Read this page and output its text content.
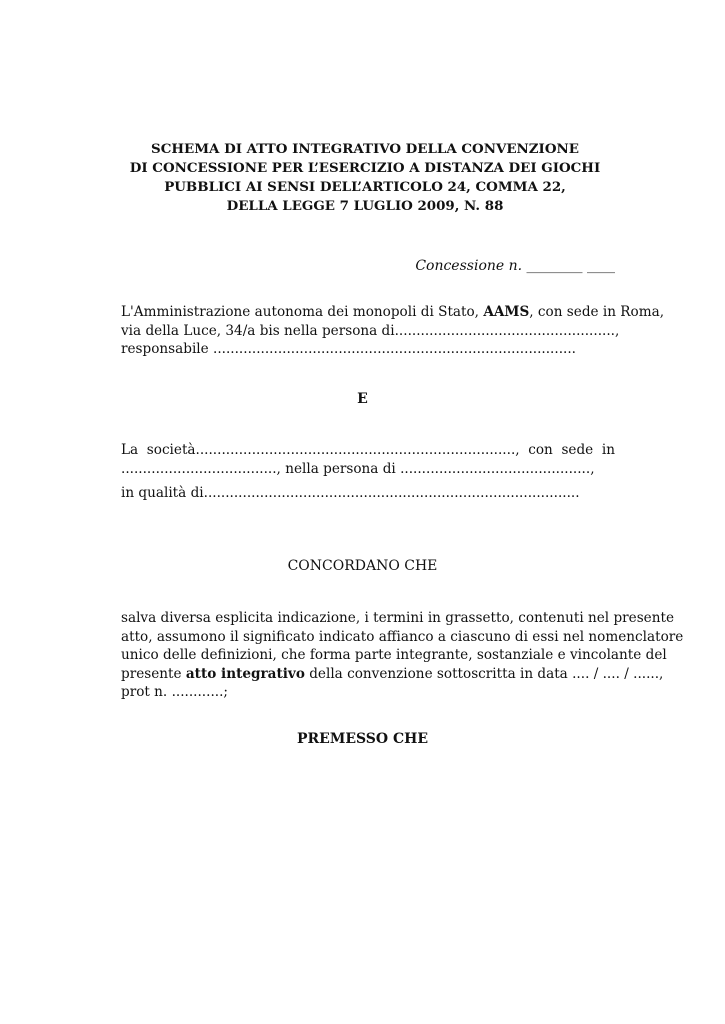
SCHEMA DI ATTO INTEGRATIVO DELLA CONVENZIONE
DI CONCESSIONE PER L’ESERCIZIO A DISTANZA DEI GIOCHI
PUBBLICI AI SENSI DELL’ARTICOLO 24, COMMA 22,
DELLA LEGGE 7 LUGLIO 2009, N. 88
Concessione n. ________ ____
L'Amministrazione autonoma dei monopoli di Stato,
AAMS , con sede in Roma,
via della Luce, 34/a bis nella persona di ...................................................,
responsabile ....................................................................................
E
La società.........................................................................., con sede in
...................................., nella persona di ............................................,
in qualità di.......................................................................................
CONCORDANO CHE
salva diversa esplicita indicazione, i termini in grassetto, contenuti nel presente
atto, assumono il significato indicato affianco a ciascuno di essi nel nomenclatore
unico delle definizioni, che forma parte integrante, sostanziale e vincolante del
presente
atto integrativo
della convenzione sottoscritta in data .... / .... / ......,
prot n. ............;
PREMESSO CHE
